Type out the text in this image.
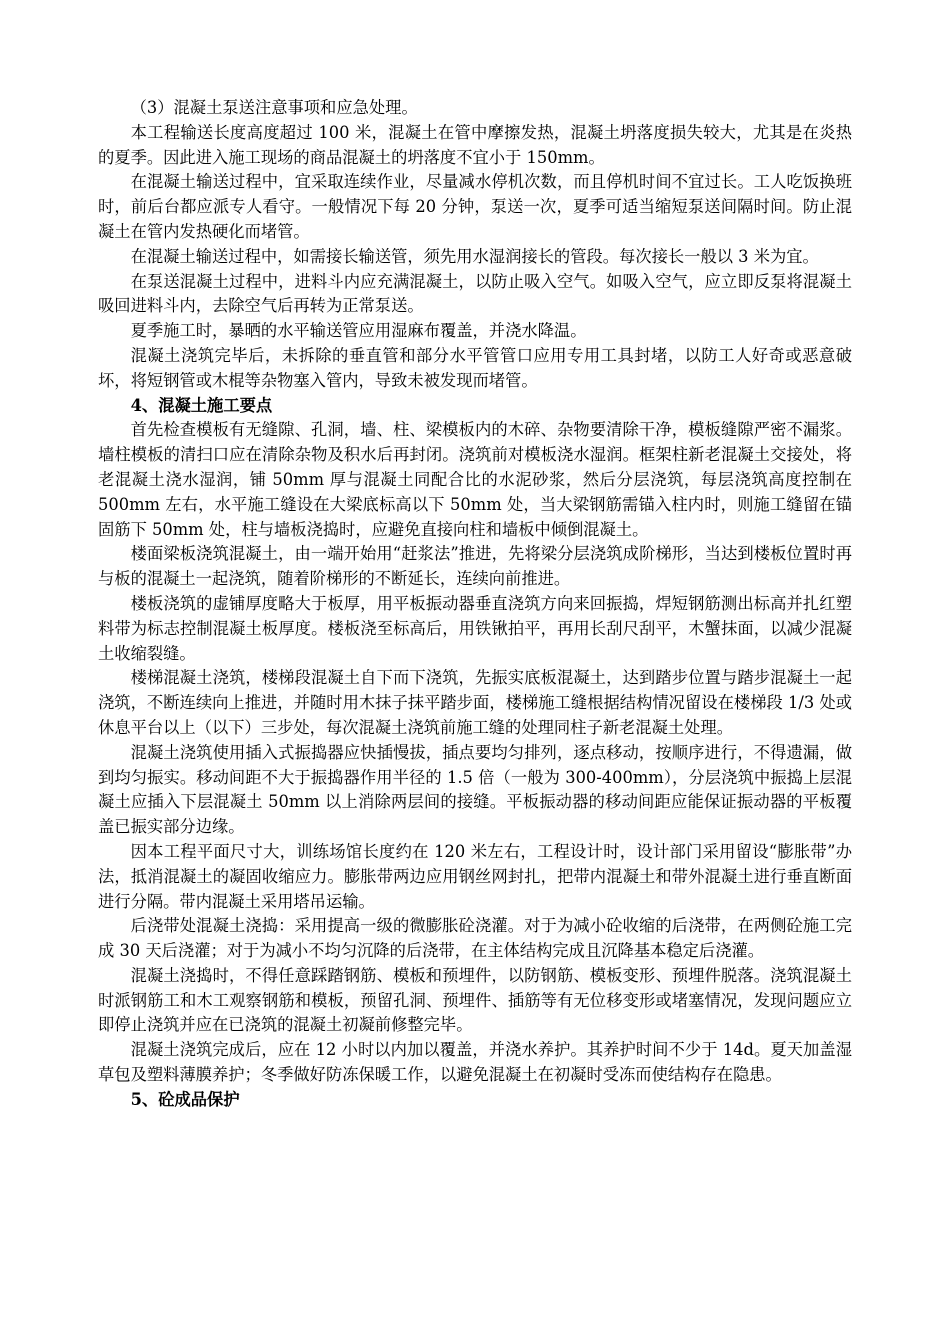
（3）混凝土泵送注意事项和应急处理。

本工程输送长度高度超过 100 米，混凝土在管中摩擦发热，混凝土坍落度损失较大，尤其是在炎热的夏季。因此进入施工现场的商品混凝土的坍落度不宜小于 150mm。

在混凝土输送过程中，宜采取连续作业，尽量减水停机次数，而且停机时间不宜过长。工人吃饭换班时，前后台都应派专人看守。一般情况下每 20 分钟，泵送一次，夏季可适当缩短泵送间隔时间。防止混凝土在管内发热硬化而堵管。

在混凝土输送过程中，如需接长输送管，须先用水湿润接长的管段。每次接长一般以 3 米为宜。

在泵送混凝土过程中，进料斗内应充满混凝土，以防止吸入空气。如吸入空气，应立即反泵将混凝土吸回进料斗内，去除空气后再转为正常泵送。

夏季施工时，暴晒的水平输送管应用湿麻布覆盖，并浇水降温。

混凝土浇筑完毕后，未拆除的垂直管和部分水平管管口应用专用工具封堵，以防工人好奇或恶意破坏，将短钢管或木棍等杂物塞入管内，导致未被发现而堵管。

4、混凝土施工要点

首先检查模板有无缝隙、孔洞，墙、柱、梁模板内的木碎、杂物要清除干净，模板缝隙严密不漏浆。墙柱模板的清扫口应在清除杂物及积水后再封闭。浇筑前对模板浇水湿润。框架柱新老混凝土交接处，将老混凝土浇水湿润，铺 50mm 厚与混凝土同配合比的水泥砂浆，然后分层浇筑，每层浇筑高度控制在 500mm 左右，水平施工缝设在大梁底标高以下 50mm 处，当大梁钢筋需锚入柱内时，则施工缝留在锚固筋下 50mm 处，柱与墙板浇捣时，应避免直接向柱和墙板中倾倒混凝土。

楼面梁板浇筑混凝土，由一端开始用“赶浆法”推进，先将梁分层浇筑成阶梯形，当达到楼板位置时再与板的混凝土一起浇筑，随着阶梯形的不断延长，连续向前推进。

楼板浇筑的虚铺厚度略大于板厚，用平板振动器垂直浇筑方向来回振捣，焊短钢筋测出标高并扎红塑料带为标志控制混凝土板厚度。楼板浇至标高后，用铁锹拍平，再用长刮尺刮平，木蟹抹面，以减少混凝土收缩裂缝。

楼梯混凝土浇筑，楼梯段混凝土自下而下浇筑，先振实底板混凝土，达到踏步位置与踏步混凝土一起浇筑，不断连续向上推进，并随时用木抹子抹平踏步面，楼梯施工缝根据结构情况留设在楼梯段 1/3 处或休息平台以上（以下）三步处，每次混凝土浇筑前施工缝的处理同柱子新老混凝土处理。

混凝土浇筑使用插入式振捣器应快插慢拔，插点要均匀排列，逐点移动，按顺序进行，不得遗漏，做到均匀振实。移动间距不大于振捣器作用半径的 1.5 倍（一般为 300-400mm），分层浇筑中振捣上层混凝土应插入下层混凝土 50mm 以上消除两层间的接缝。平板振动器的移动间距应能保证振动器的平板覆盖已振实部分边缘。

因本工程平面尺寸大，训练场馆长度约在 120 米左右，工程设计时，设计部门采用留设“膨胀带”办法，抵消混凝土的凝固收缩应力。膨胀带两边应用钢丝网封扎，把带内混凝土和带外混凝土进行垂直断面进行分隔。带内混凝土采用塔吊运输。

后浇带处混凝土浇捣：采用提高一级的微膨胀砼浇灌。对于为减小砼收缩的后浇带，在两侧砼施工完成 30 天后浇灌；对于为减小不均匀沉降的后浇带，在主体结构完成且沉降基本稳定后浇灌。

混凝土浇捣时，不得任意踩踏钢筋、模板和预埋件，以防钢筋、模板变形、预埋件脱落。浇筑混凝土时派钢筋工和木工观察钢筋和模板，预留孔洞、预埋件、插筋等有无位移变形或堵塞情况，发现问题应立即停止浇筑并应在已浇筑的混凝土初凝前修整完毕。

混凝土浇筑完成后，应在 12 小时以内加以覆盖，并浇水养护。其养护时间不少于 14d。夏天加盖湿草包及塑料薄膜养护；冬季做好防冻保暖工作，以避免混凝土在初凝时受冻而使结构存在隐患。

5、砼成品保护
